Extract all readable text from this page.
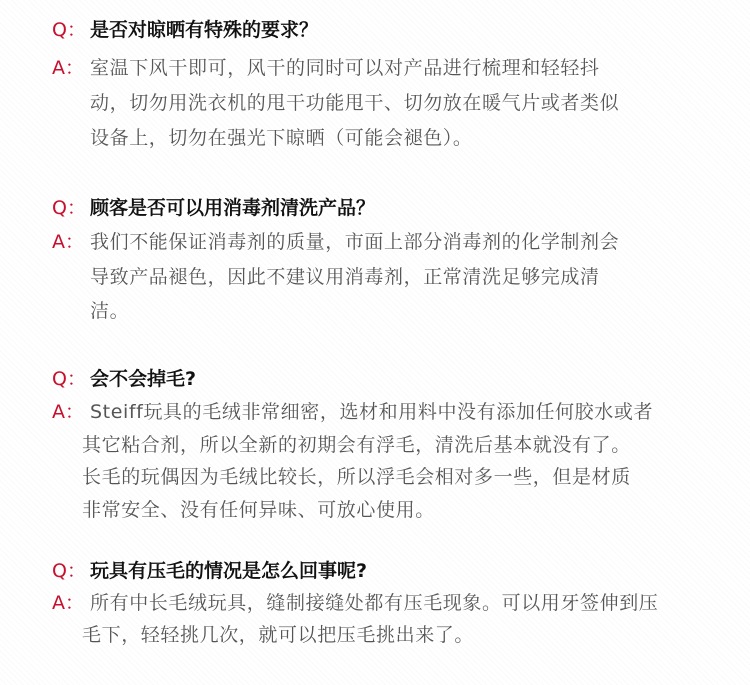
Q： 是否对晾晒有特殊的要求？
A： 室温下风干即可，风干的同时可以对产品进行梳理和轻轻抖
动，切勿用洗衣机的甩干功能甩干、切勿放在暖气片或者类似
设备上，切勿在强光下晾晒（可能会褪色）。
Q： 顾客是否可以用消毒剂清洗产品？
A： 我们不能保证消毒剂的质量，市面上部分消毒剂的化学制剂会
导致产品褪色，因此不建议用消毒剂，正常清洗足够完成清
洁。
Q： 会不会掉毛?
A： Steiff玩具的毛绒非常细密，选材和用料中没有添加任何胶水或者
其它粘合剂，所以全新的初期会有浮毛，清洗后基本就没有了。
长毛的玩偶因为毛绒比较长，所以浮毛会相对多一些，但是材质
非常安全、没有任何异味、可放心使用。
Q： 玩具有压毛的情况是怎么回事呢?
A： 所有中长毛绒玩具，缝制接缝处都有压毛现象。可以用牙签伸到压
毛下，轻轻挑几次，就可以把压毛挑出来了。
